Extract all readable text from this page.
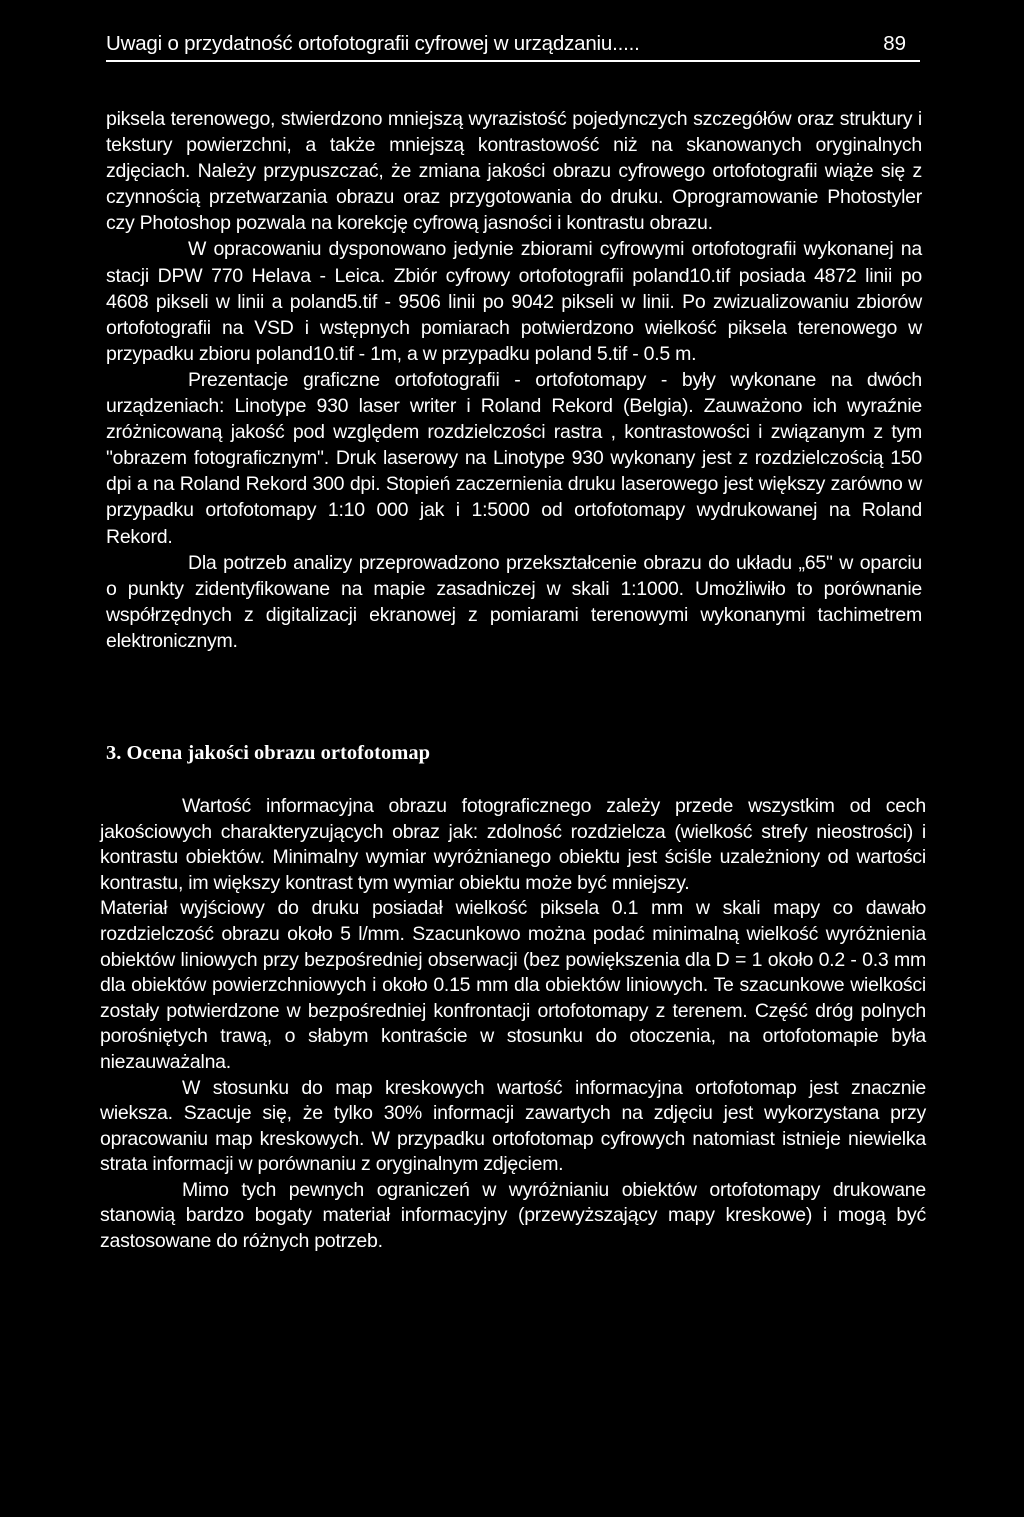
Uwagi o przydatność ortofotografii cyfrowej w urządzaniu.....	89

piksela terenowego, stwierdzono mniejszą wyrazistość pojedynczych szczegółów oraz struktury i tekstury powierzchni, a także mniejszą kontrastowość niż na skanowanych oryginalnych zdjęciach. Należy przypuszczać, że zmiana jakości obrazu cyfrowego ortofotografii wiąże się z czynnością przetwarzania obrazu oraz przygotowania do druku. Oprogramowanie Photostyler czy Photoshop pozwala na korekcję cyfrową jasności i kontrastu obrazu.

W opracowaniu dysponowano jedynie zbiorami cyfrowymi ortofotografii wykonanej na stacji DPW 770 Helava - Leica. Zbiór cyfrowy ortofotografii poland10.tif posiada 4872 linii po 4608 pikseli w linii a poland5.tif - 9506 linii po 9042 pikseli w linii. Po zwizualizowaniu zbiorów ortofotografii na VSD i wstępnych pomiarach potwierdzono wielkość piksela terenowego w przypadku zbioru poland10.tif - 1m, a w przypadku poland 5.tif - 0.5 m.

Prezentacje graficzne ortofotografii - ortofotomapy - były wykonane na dwóch urządzeniach: Linotype 930 laser writer i Roland Rekord (Belgia). Zauważono ich wyraźnie zróżnicowaną jakość pod względem rozdzielczości rastra , kontrastowości i związanym z tym "obrazem fotograficznym". Druk laserowy na Linotype 930 wykonany jest z rozdzielczością 150 dpi a na Roland Rekord 300 dpi. Stopień zaczernienia druku laserowego jest większy zarówno w przypadku ortofotomapy 1:10 000 jak i 1:5000 od ortofotomapy wydrukowanej na Roland Rekord.

Dla potrzeb analizy przeprowadzono przekształcenie obrazu do układu „65" w oparciu o punkty zidentyfikowane na mapie zasadniczej w skali 1:1000. Umożliwiło to porównanie współrzędnych z digitalizacji ekranowej z pomiarami terenowymi wykonanymi tachimetrem elektronicznym.

3. Ocena jakości obrazu ortofotomap

Wartość informacyjna obrazu fotograficznego zależy przede wszystkim od cech jakościowych charakteryzujących obraz jak: zdolność rozdzielcza (wielkość strefy nieostrości) i kontrastu obiektów. Minimalny wymiar wyróżnianego obiektu jest ściśle uzależniony od wartości kontrastu, im większy kontrast tym wymiar obiektu może być mniejszy.

Materiał wyjściowy do druku posiadał wielkość piksela 0.1 mm w skali mapy co dawało rozdzielczość obrazu około 5 l/mm. Szacunkowo można podać minimalną wielkość wyróżnienia obiektów liniowych przy bezpośredniej obserwacji (bez powiększenia dla D = 1 około 0.2 - 0.3 mm dla obiektów powierzchniowych i około 0.15 mm dla obiektów liniowych. Te szacunkowe wielkości zostały potwierdzone w bezpośredniej konfrontacji ortofotomapy z terenem. Część dróg polnych porośniętych trawą, o słabym kontraście w stosunku do otoczenia, na ortofotomapie była niezauważalna.

W stosunku do map kreskowych wartość informacyjna ortofotomap jest znacznie wieksza. Szacuje się, że tylko 30% informacji zawartych na zdjęciu jest wykorzystana przy opracowaniu map kreskowych. W przypadku ortofotomap cyfrowych natomiast istnieje niewielka strata informacji w porównaniu z oryginalnym zdjęciem.

Mimo tych pewnych ograniczeń w wyróżnianiu obiektów ortofotomapy drukowane stanowią bardzo bogaty materiał informacyjny (przewyższający mapy kreskowe) i mogą być zastosowane do różnych potrzeb.
